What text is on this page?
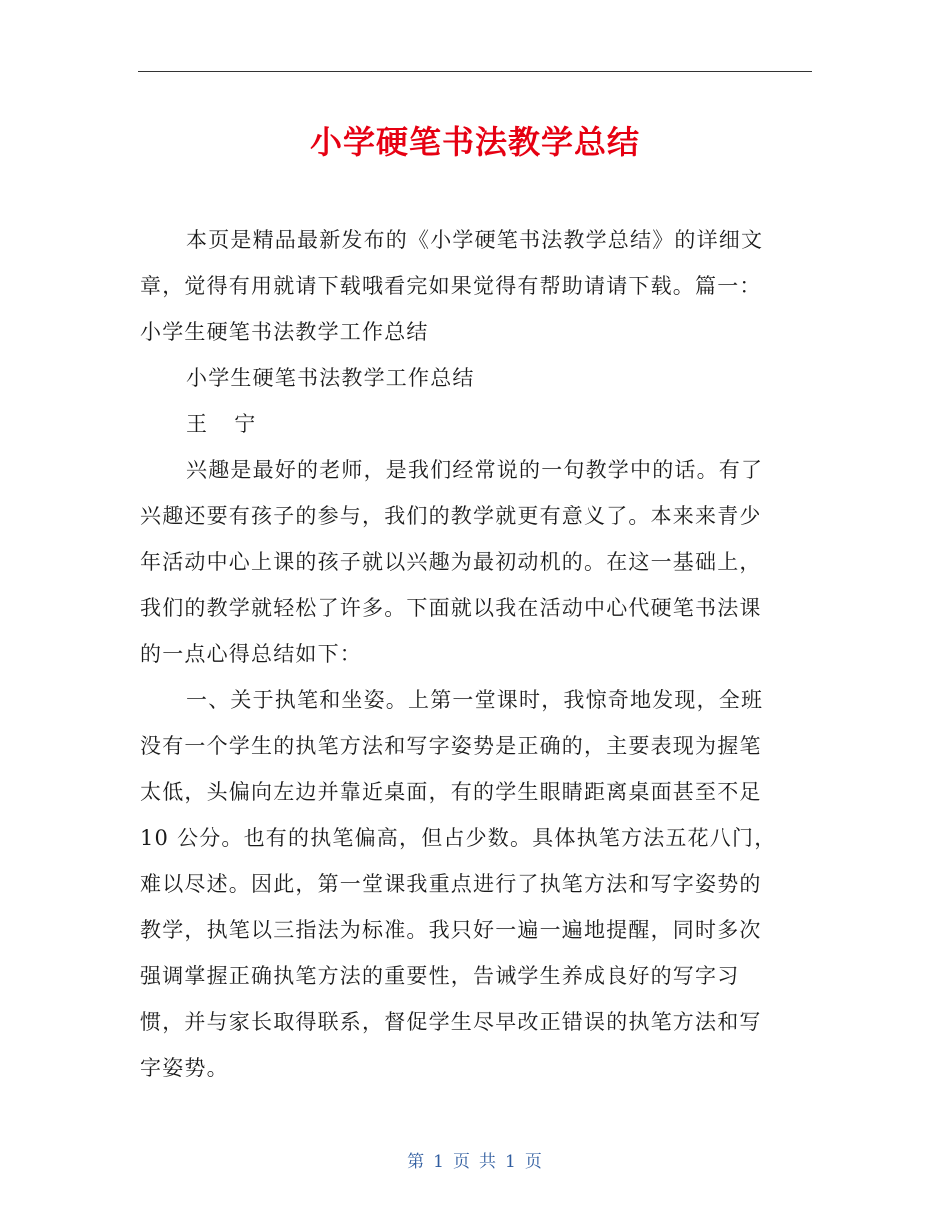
小学硬笔书法教学总结
本页是精品最新发布的《小学硬笔书法教学总结》的详细文
章，觉得有用就请下载哦看完如果觉得有帮助请请下载。篇一：
小学生硬笔书法教学工作总结
小学生硬笔书法教学工作总结
王 宁
兴趣是最好的老师，是我们经常说的一句教学中的话。有了
兴趣还要有孩子的参与，我们的教学就更有意义了。本来来青少
年活动中心上课的孩子就以兴趣为最初动机的。在这一基础上，
我们的教学就轻松了许多。下面就以我在活动中心代硬笔书法课
的一点心得总结如下：
一、关于执笔和坐姿。上第一堂课时，我惊奇地发现，全班
没有一个学生的执笔方法和写字姿势是正确的，主要表现为握笔
太低，头偏向左边并靠近桌面，有的学生眼睛距离桌面甚至不足
10 公分。也有的执笔偏高，但占少数。具体执笔方法五花八门，
难以尽述。因此，第一堂课我重点进行了执笔方法和写字姿势的
教学，执笔以三指法为标准。我只好一遍一遍地提醒，同时多次
强调掌握正确执笔方法的重要性，告诫学生养成良好的写字习
惯，并与家长取得联系，督促学生尽早改正错误的执笔方法和写
字姿势。
第 1 页 共 1 页
